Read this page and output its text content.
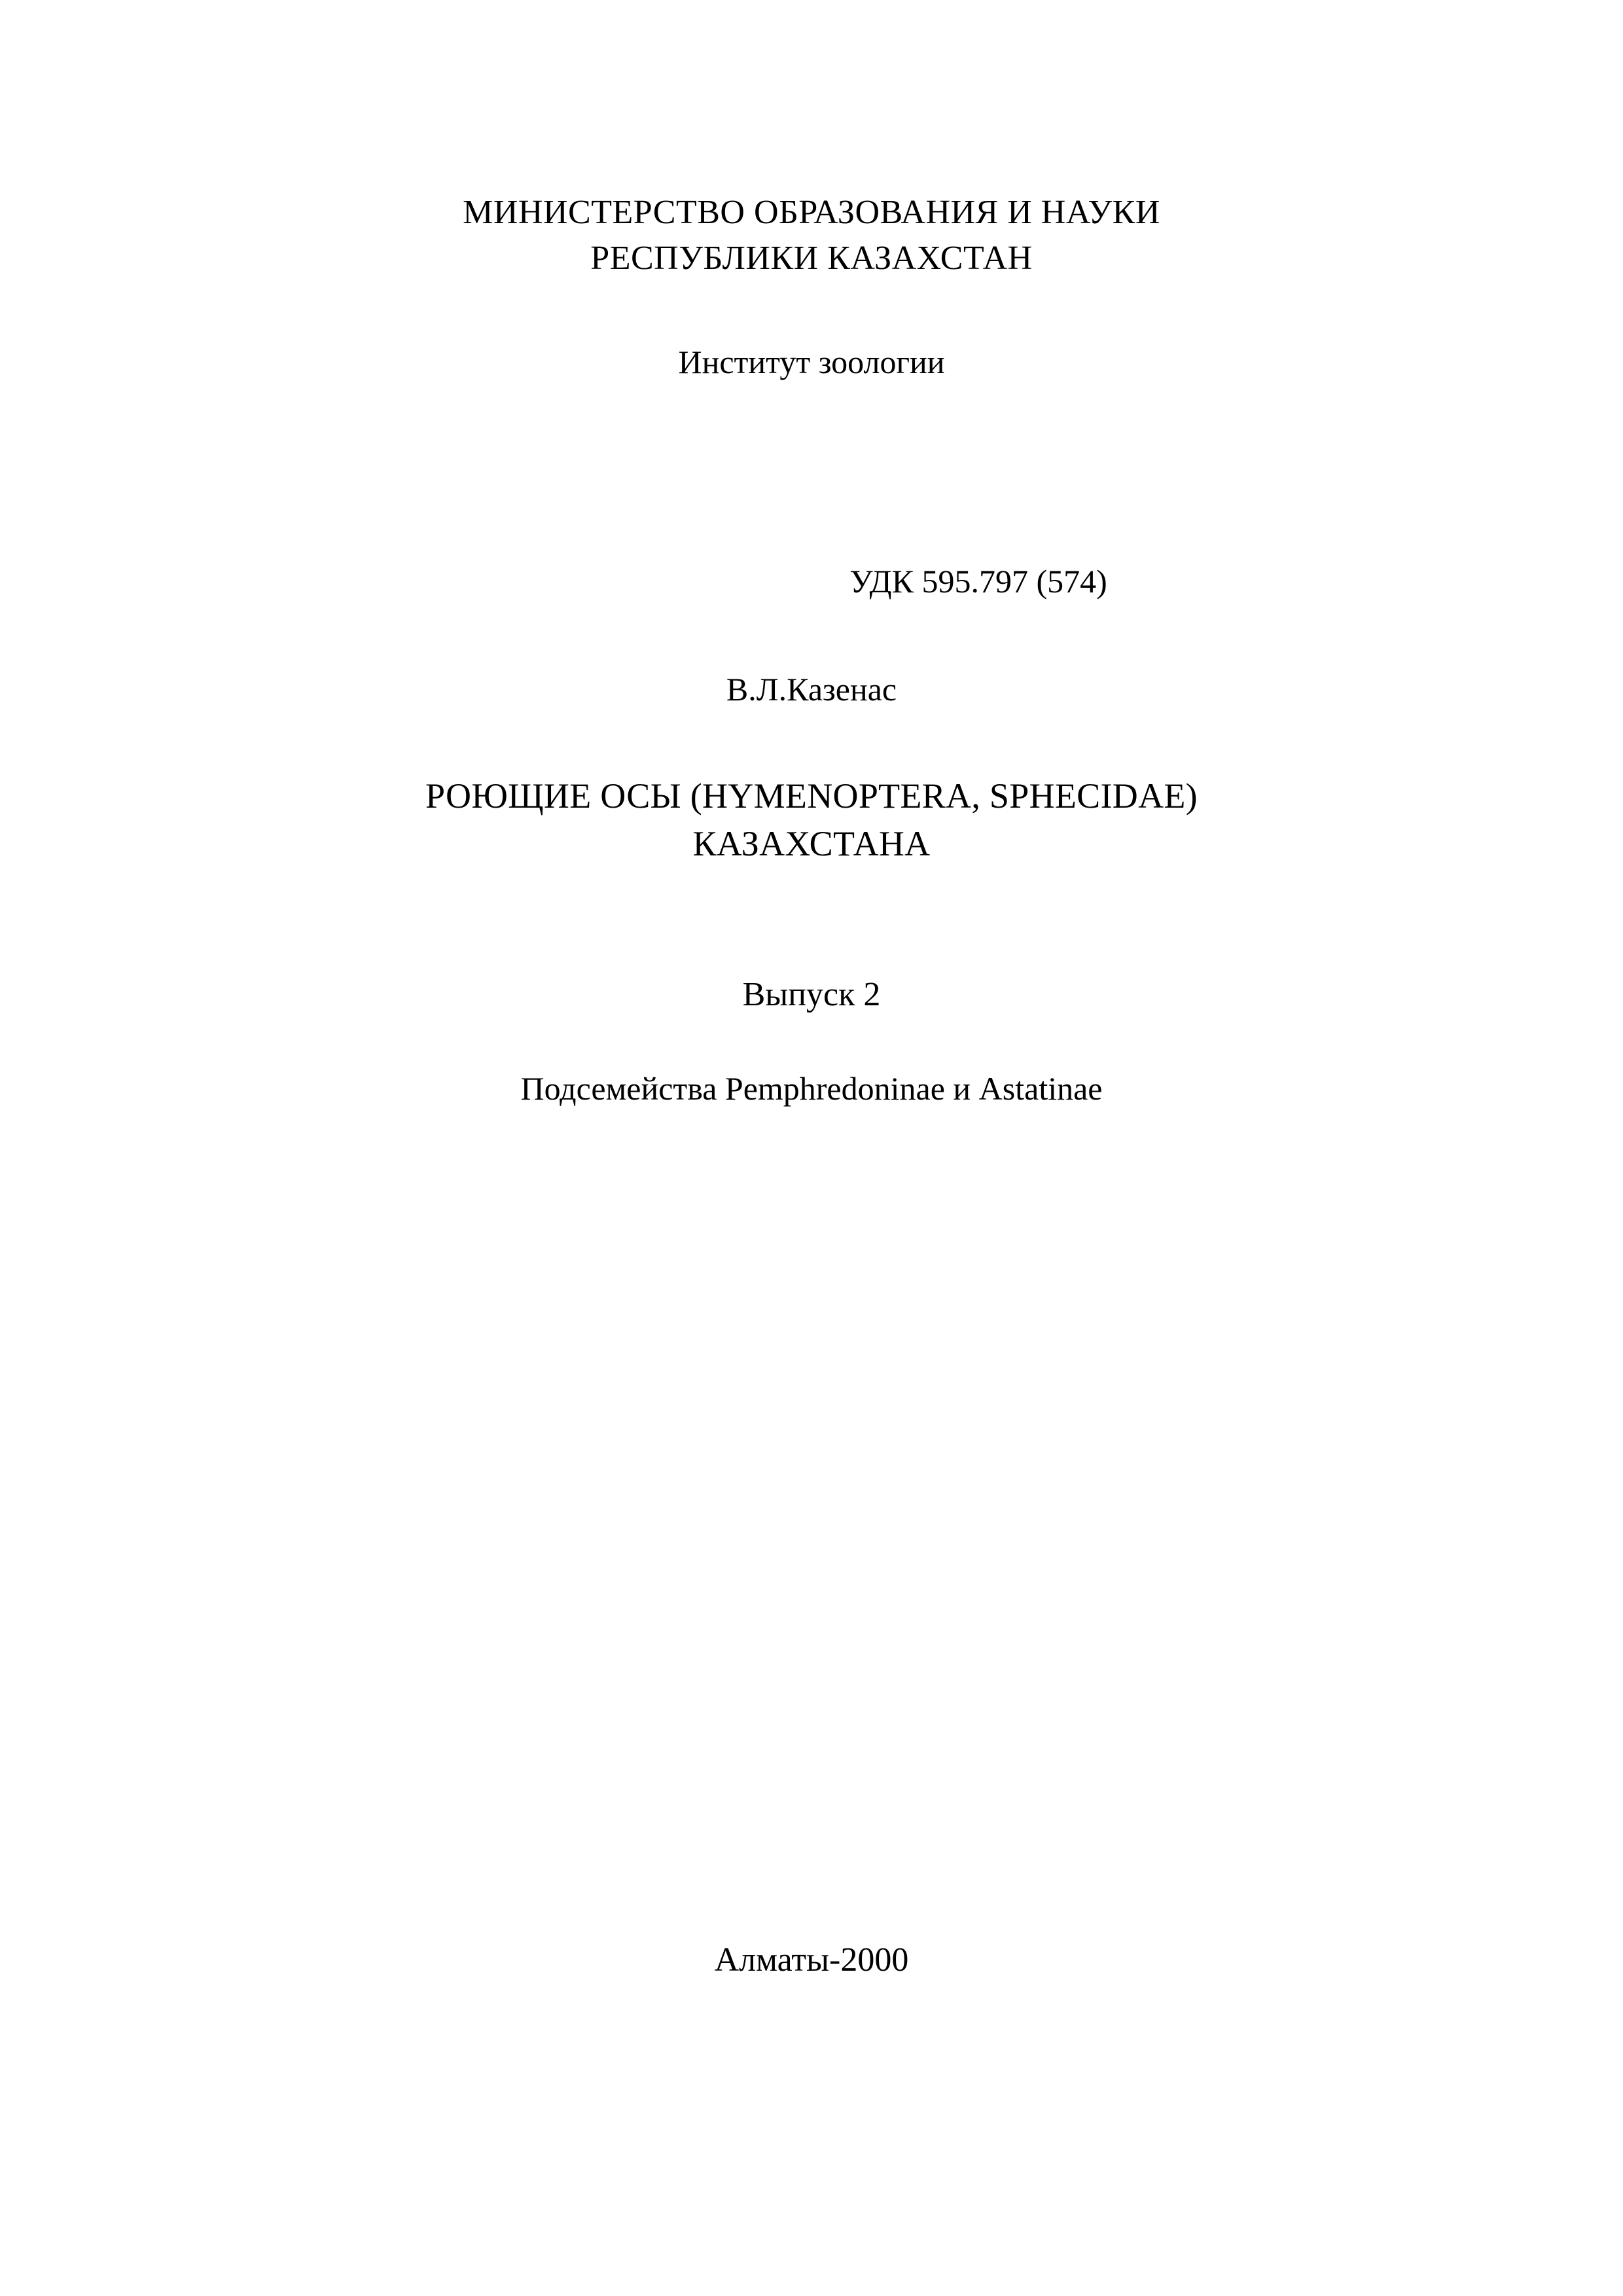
МИНИСТЕРСТВО ОБРАЗОВАНИЯ И НАУКИ
РЕСПУБЛИКИ КАЗАХСТАН
Институт зоологии
УДК 595.797 (574)
В.Л.Казенас
РОЮЩИЕ ОСЫ (HYMENOPTERA, SPHECIDAE)
КАЗАХСТАНА
Выпуск 2
Подсемейства Pemphredoninae и Astatinae
Алматы-2000
